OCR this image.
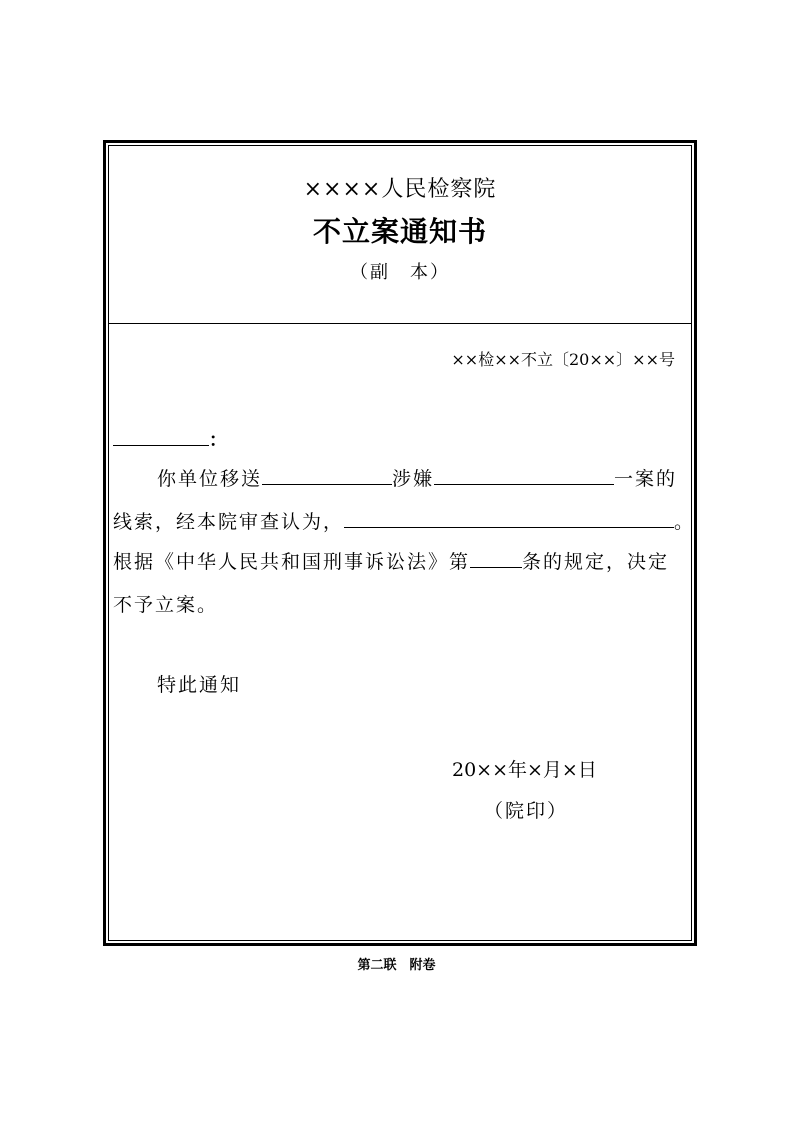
××××人民检察院
不立案通知书
（副　本）
××检××不立〔20××〕××号
：
你单位移送	涉嫌	一案的
线索，经本院审查认为，	。
根据《中华人民共和国刑事诉讼法》第	条的规定，决定
不予立案。
特此通知
20××年×月×日
（院印）
第二联　附卷
